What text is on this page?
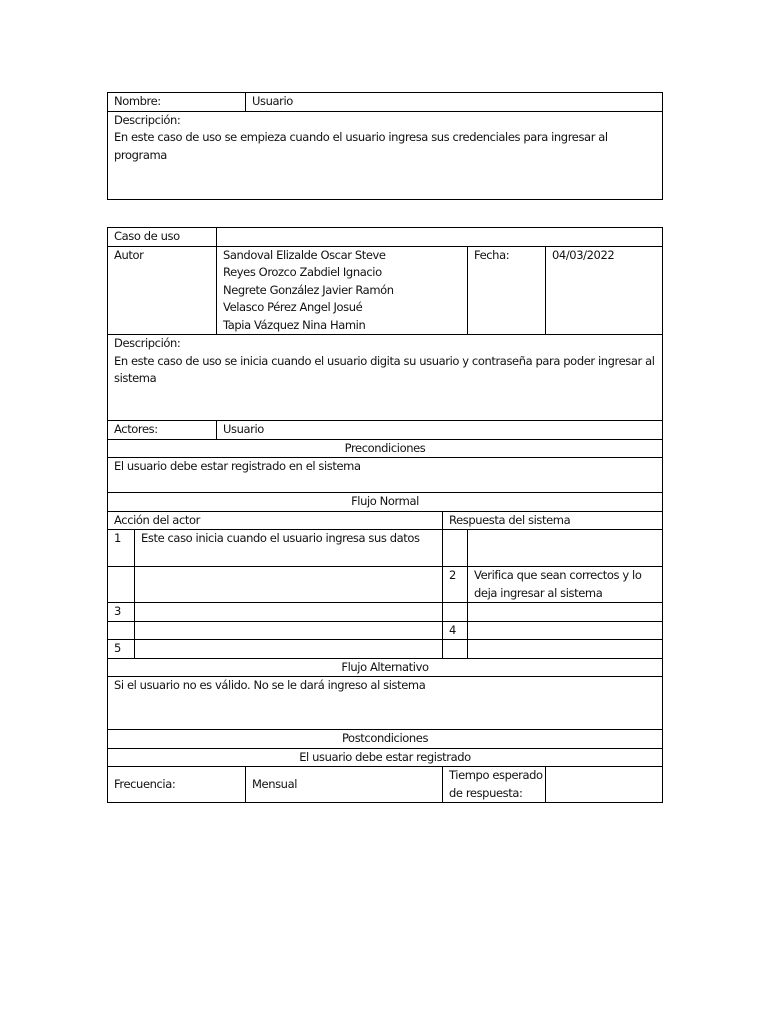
Nombre:	Usuario

Descripción:
En este caso de uso se empieza cuando el usuario ingresa sus credenciales para ingresar al programa
Caso de uso						
Autor		Sandoval Elizalde Oscar Steve
Reyes Orozco Zabdiel Ignacio
Negrete González Javier Ramón
Velasco Pérez Angel Josué
Tapia Vázquez Nina Hamin			Fecha:	04/03/2022

Descripción:
En este caso de uso se inicia cuando el usuario digita su usuario y contraseña para poder ingresar al sistema						
Actores:		Usuario				
Precondiciones						
El usuario debe estar registrado en el sistema						
Flujo Normal						
Acción del actor				Respuesta del sistema		
1	Este caso inicia cuando el usuario ingresa sus datos					
				2	Verifica que sean correctos y lo deja ingresar al sistema	
3						
				4		
5						
Flujo Alternativo						
Si el usuario no es válido. No se le dará ingreso al sistema						
Postcondiciones						
El usuario debe estar registrado						
Frecuencia:			Mensual	Tiempo esperado de respuesta:		
